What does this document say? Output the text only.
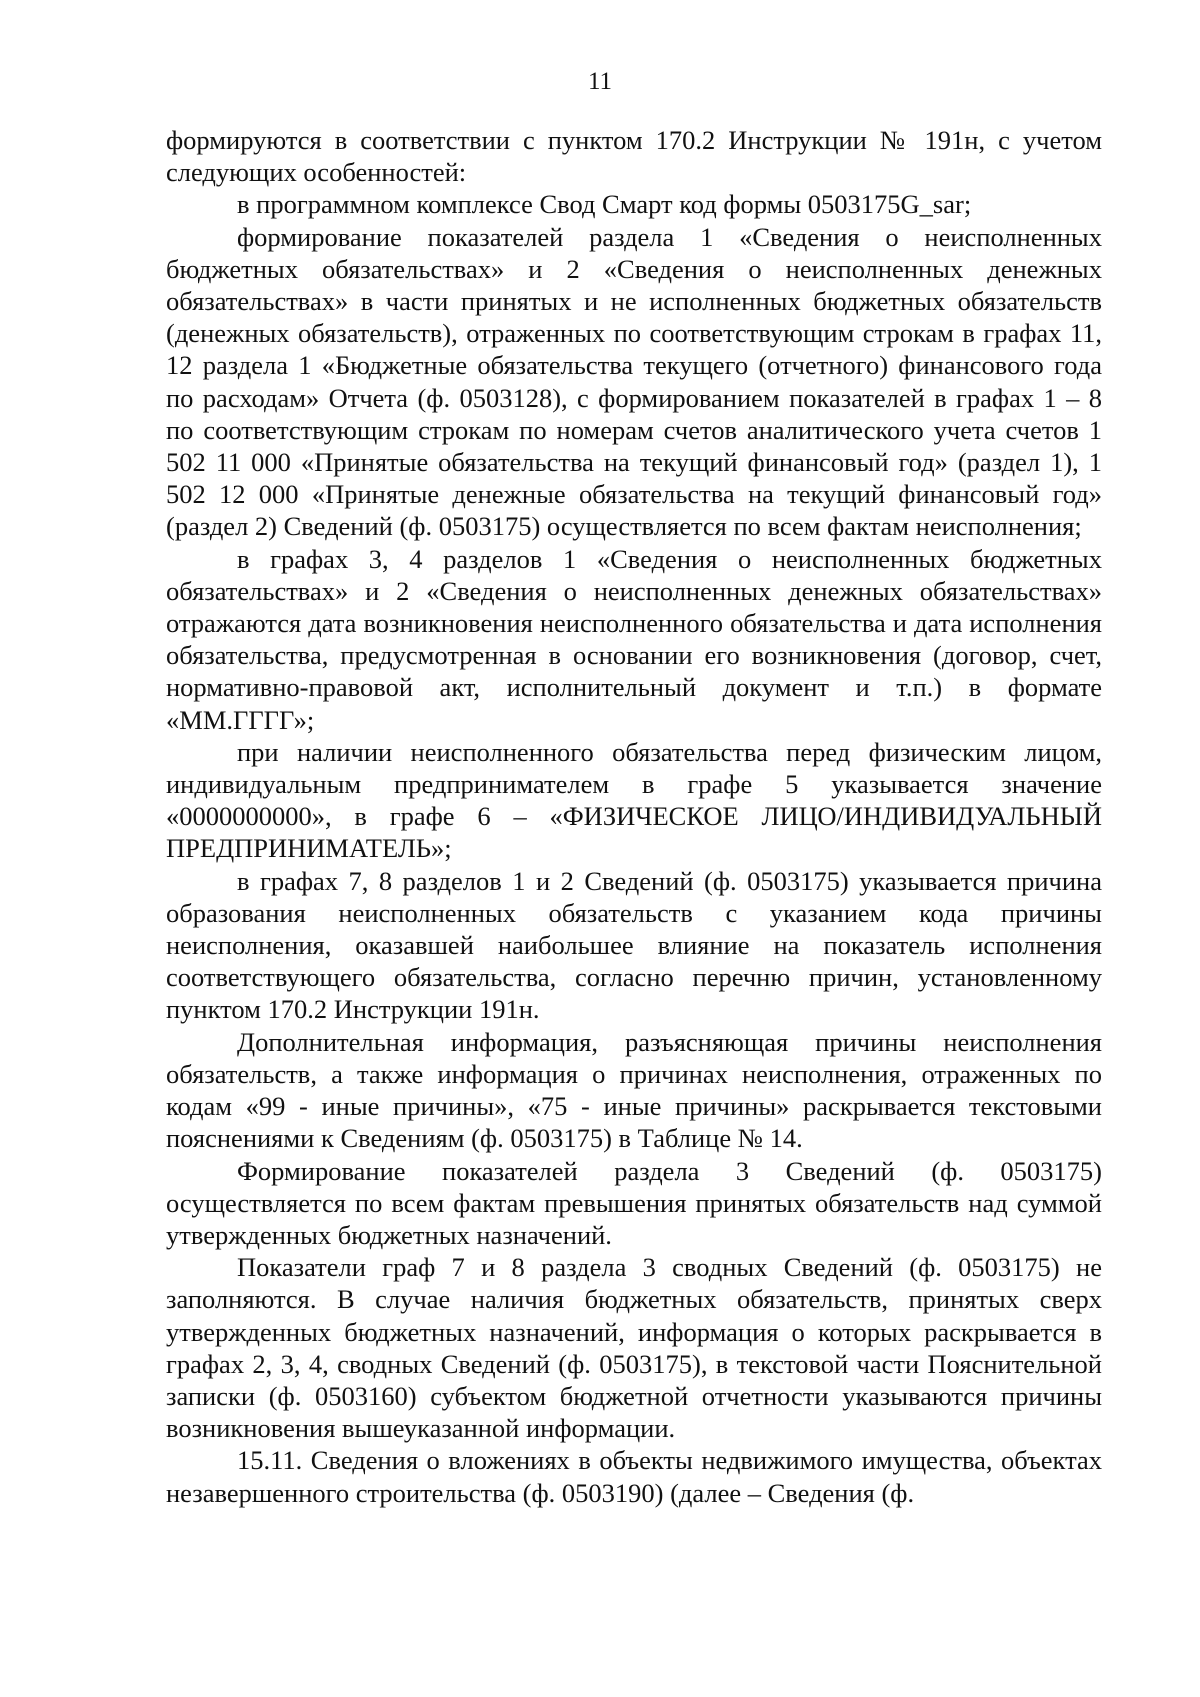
11

формируются в соответствии с пунктом 170.2 Инструкции № 191н, с учетом следующих особенностей:

в программном комплексе Свод Смарт код формы 0503175G_sar;

формирование показателей раздела 1 «Сведения о неисполненных бюджетных обязательствах» и 2 «Сведения о неисполненных денежных обязательствах» в части принятых и не исполненных бюджетных обязательств (денежных обязательств), отраженных по соответствующим строкам в графах 11, 12 раздела 1 «Бюджетные обязательства текущего (отчетного) финансового года по расходам» Отчета (ф. 0503128), с формированием показателей в графах 1 – 8 по соответствующим строкам по номерам счетов аналитического учета счетов 1 502 11 000 «Принятые обязательства на текущий финансовый год» (раздел 1), 1 502 12 000 «Принятые денежные обязательства на текущий финансовый год» (раздел 2) Сведений (ф. 0503175) осуществляется по всем фактам неисполнения;

в графах 3, 4 разделов 1 «Сведения о неисполненных бюджетных обязательствах» и 2 «Сведения о неисполненных денежных обязательствах» отражаются дата возникновения неисполненного обязательства и дата исполнения обязательства, предусмотренная в основании его возникновения (договор, счет, нормативно-правовой акт, исполнительный документ и т.п.) в формате «ММ.ГГГГ»;

при наличии неисполненного обязательства перед физическим лицом, индивидуальным предпринимателем в графе 5 указывается значение «0000000000», в графе 6 – «ФИЗИЧЕСКОЕ ЛИЦО/ИНДИВИДУАЛЬНЫЙ ПРЕДПРИНИМАТЕЛЬ»;

в графах 7, 8 разделов 1 и 2 Сведений (ф. 0503175) указывается причина образования неисполненных обязательств с указанием кода причины неисполнения, оказавшей наибольшее влияние на показатель исполнения соответствующего обязательства, согласно перечню причин, установленному пунктом 170.2 Инструкции 191н.

Дополнительная информация, разъясняющая причины неисполнения обязательств, а также информация о причинах неисполнения, отраженных по кодам «99 - иные причины», «75 - иные причины» раскрывается текстовыми пояснениями к Сведениям (ф. 0503175) в Таблице № 14.

Формирование показателей раздела 3 Сведений (ф. 0503175) осуществляется по всем фактам превышения принятых обязательств над суммой утвержденных бюджетных назначений.

Показатели граф 7 и 8 раздела 3 сводных Сведений (ф. 0503175) не заполняются. В случае наличия бюджетных обязательств, принятых сверх утвержденных бюджетных назначений, информация о которых раскрывается в графах 2, 3, 4, сводных Сведений (ф. 0503175), в текстовой части Пояснительной записки (ф. 0503160) субъектом бюджетной отчетности указываются причины возникновения вышеуказанной информации.

15.11. Сведения о вложениях в объекты недвижимого имущества, объектах незавершенного строительства (ф. 0503190) (далее – Сведения (ф.
